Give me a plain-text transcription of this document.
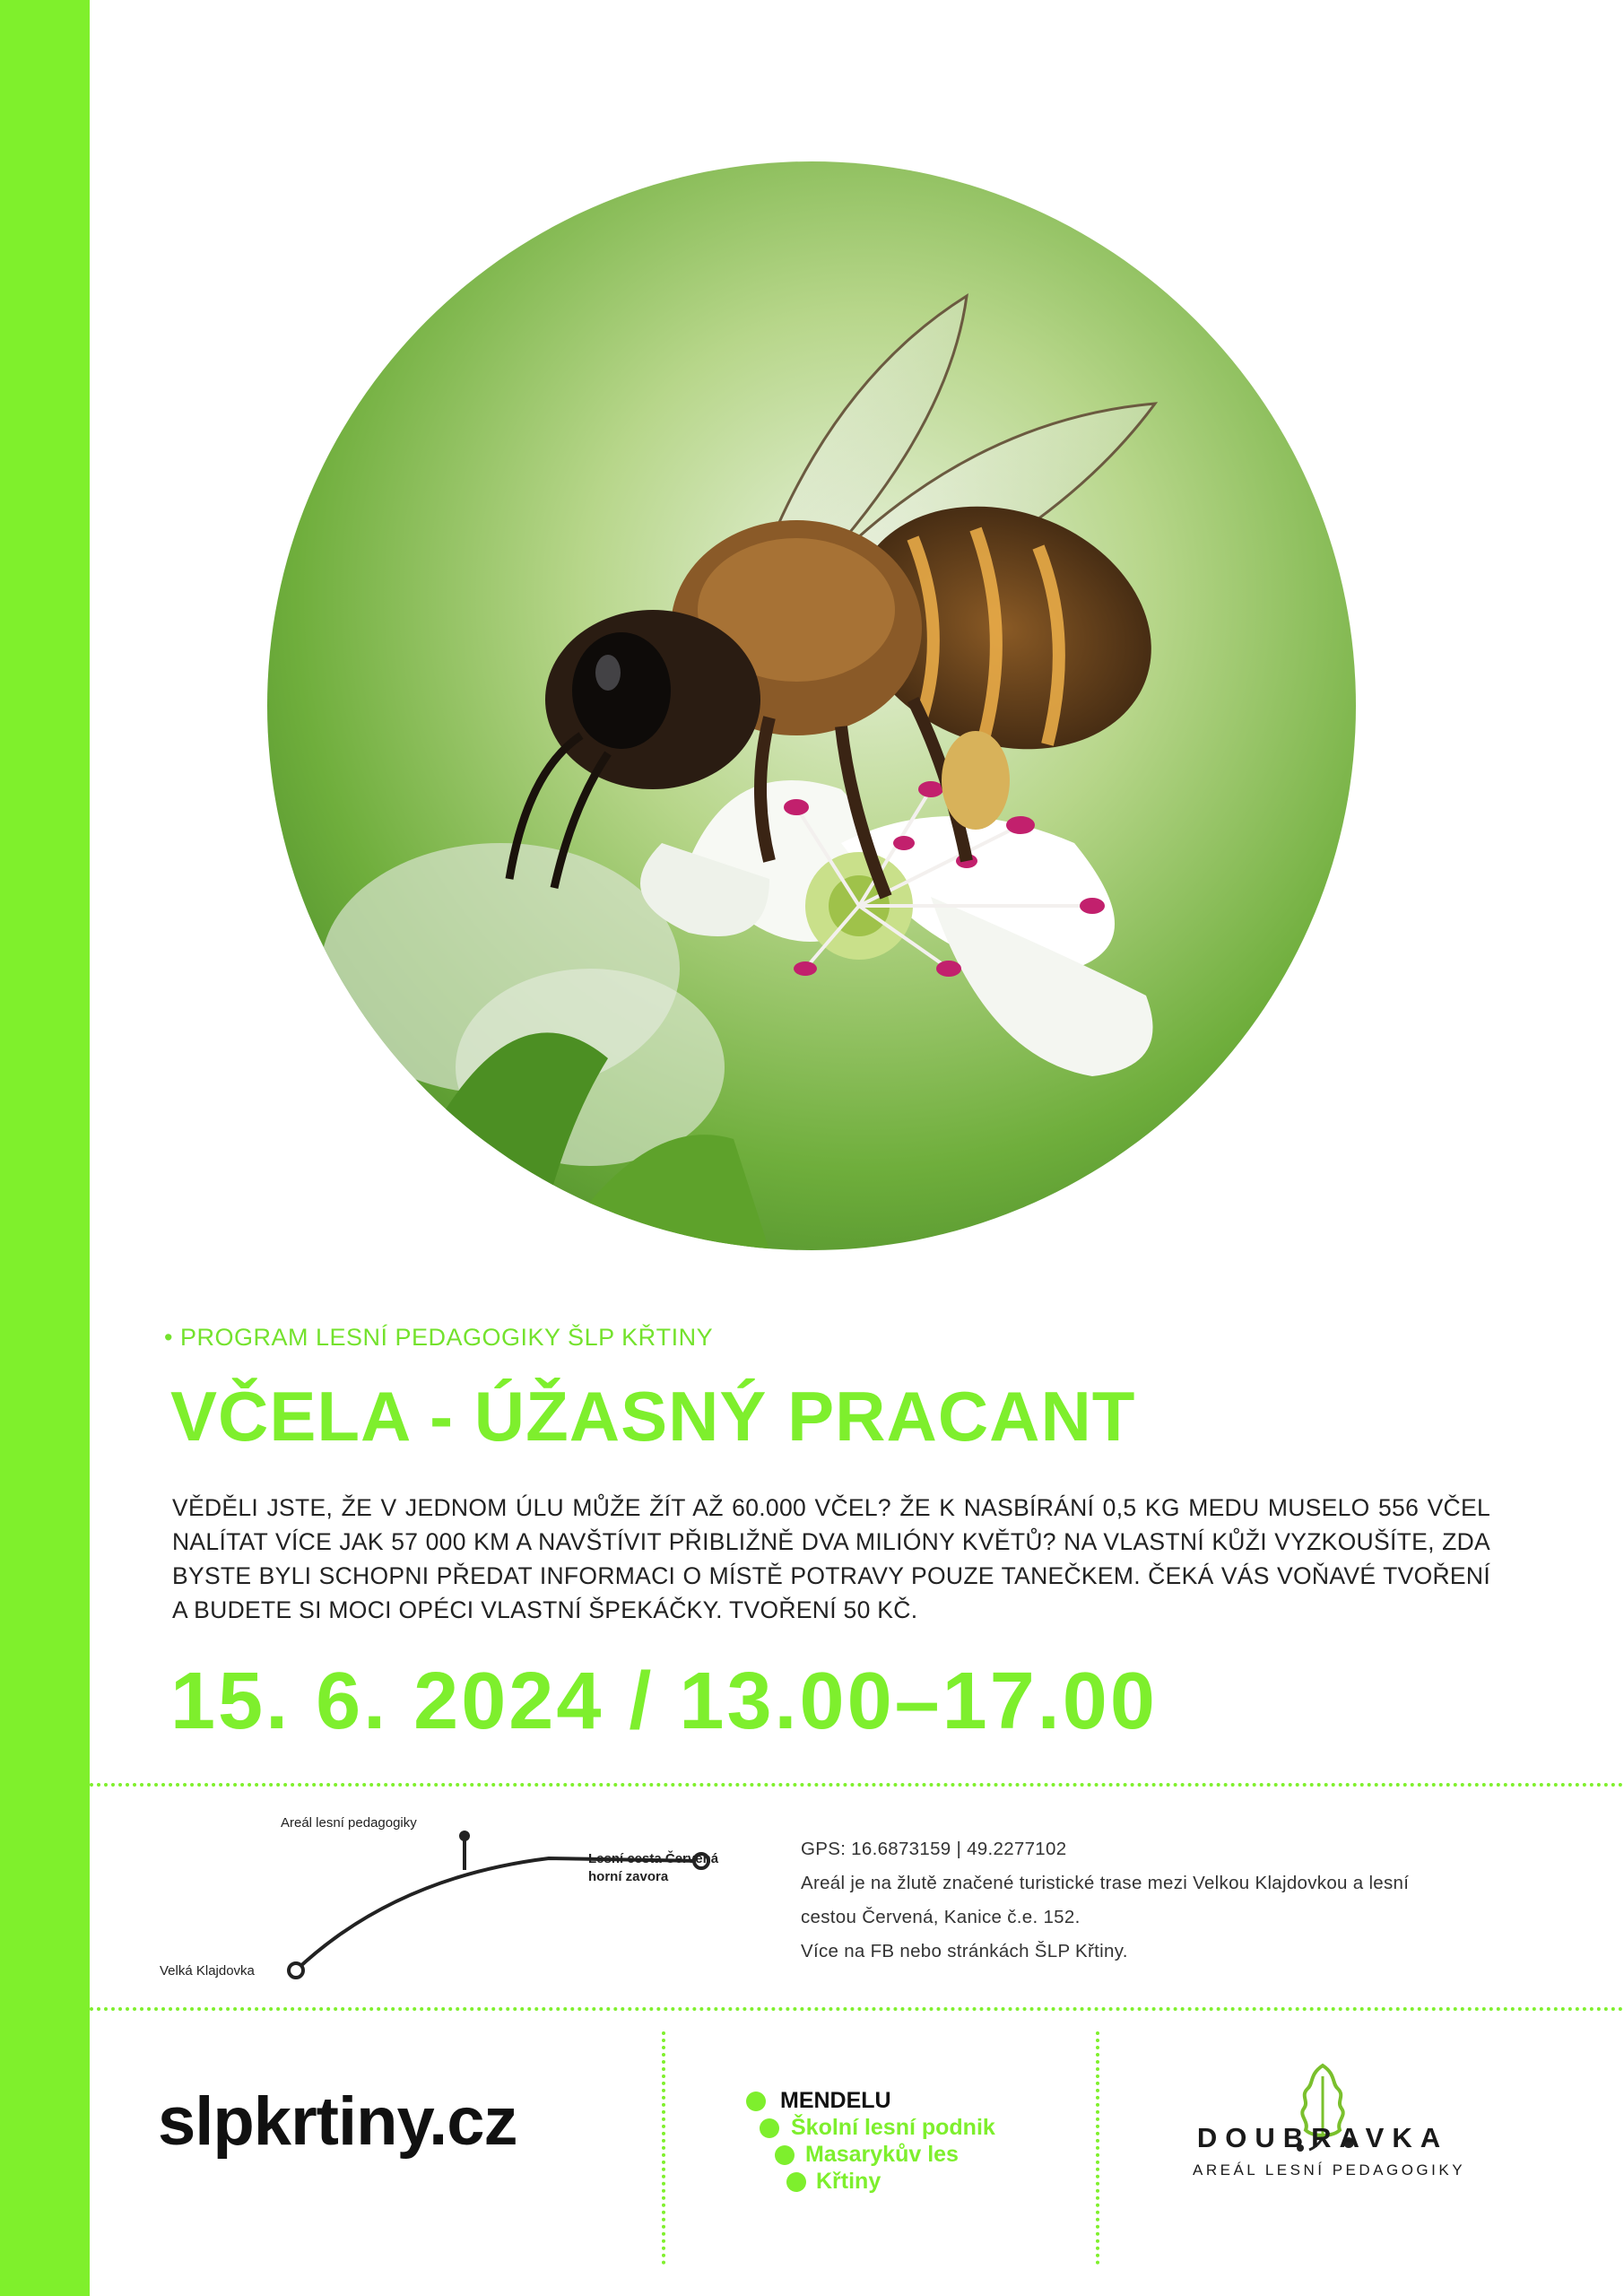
• PROGRAM LESNÍ PEDAGOGIKY ŠLP KŘTINY
VČELA - ÚŽASNÝ PRACANT

VĚDĚLI JSTE, ŽE V JEDNOM ÚLU MŮŽE ŽÍT AŽ 60.000 VČEL? ŽE K NASBÍRÁNÍ 0,5 KG MEDU MUSELO 556 VČEL NALÍTAT VÍCE JAK 57 000 KM A NAVŠTÍVIT PŘIBLIŽNĚ DVA MILIÓNY KVĚTŮ? NA VLASTNÍ KŮŽI VYZKOUŠÍTE, ZDA BYSTE BYLI SCHOPNI PŘEDAT INFORMACI O MÍSTĚ POTRAVY POUZE TANEČKEM. ČEKÁ VÁS VOŇAVÉ TVOŘENÍ A BUDETE SI MOCI OPÉCI VLASTNÍ ŠPEKÁČKY. TVOŘENÍ 50 KČ.

15. 6. 2024 / 13.00–17.00
Areál lesní pedagogiky
Lesní cesta Červená
horní zavora
Velká Klajdovka
GPS: 16.6873159 | 49.2277102
Areál je na žlutě značené turistické trase mezi Velkou Klajdovkou a lesní
cestou Červená, Kanice č.e. 152.
Více na FB nebo stránkách ŠLP Křtiny.
slpkrtiny.cz	MENDELU
Školní lesní podnik
Masarykův les
Křtiny
DOUBRAVKA
AREÁL LESNÍ PEDAGOGIKY
